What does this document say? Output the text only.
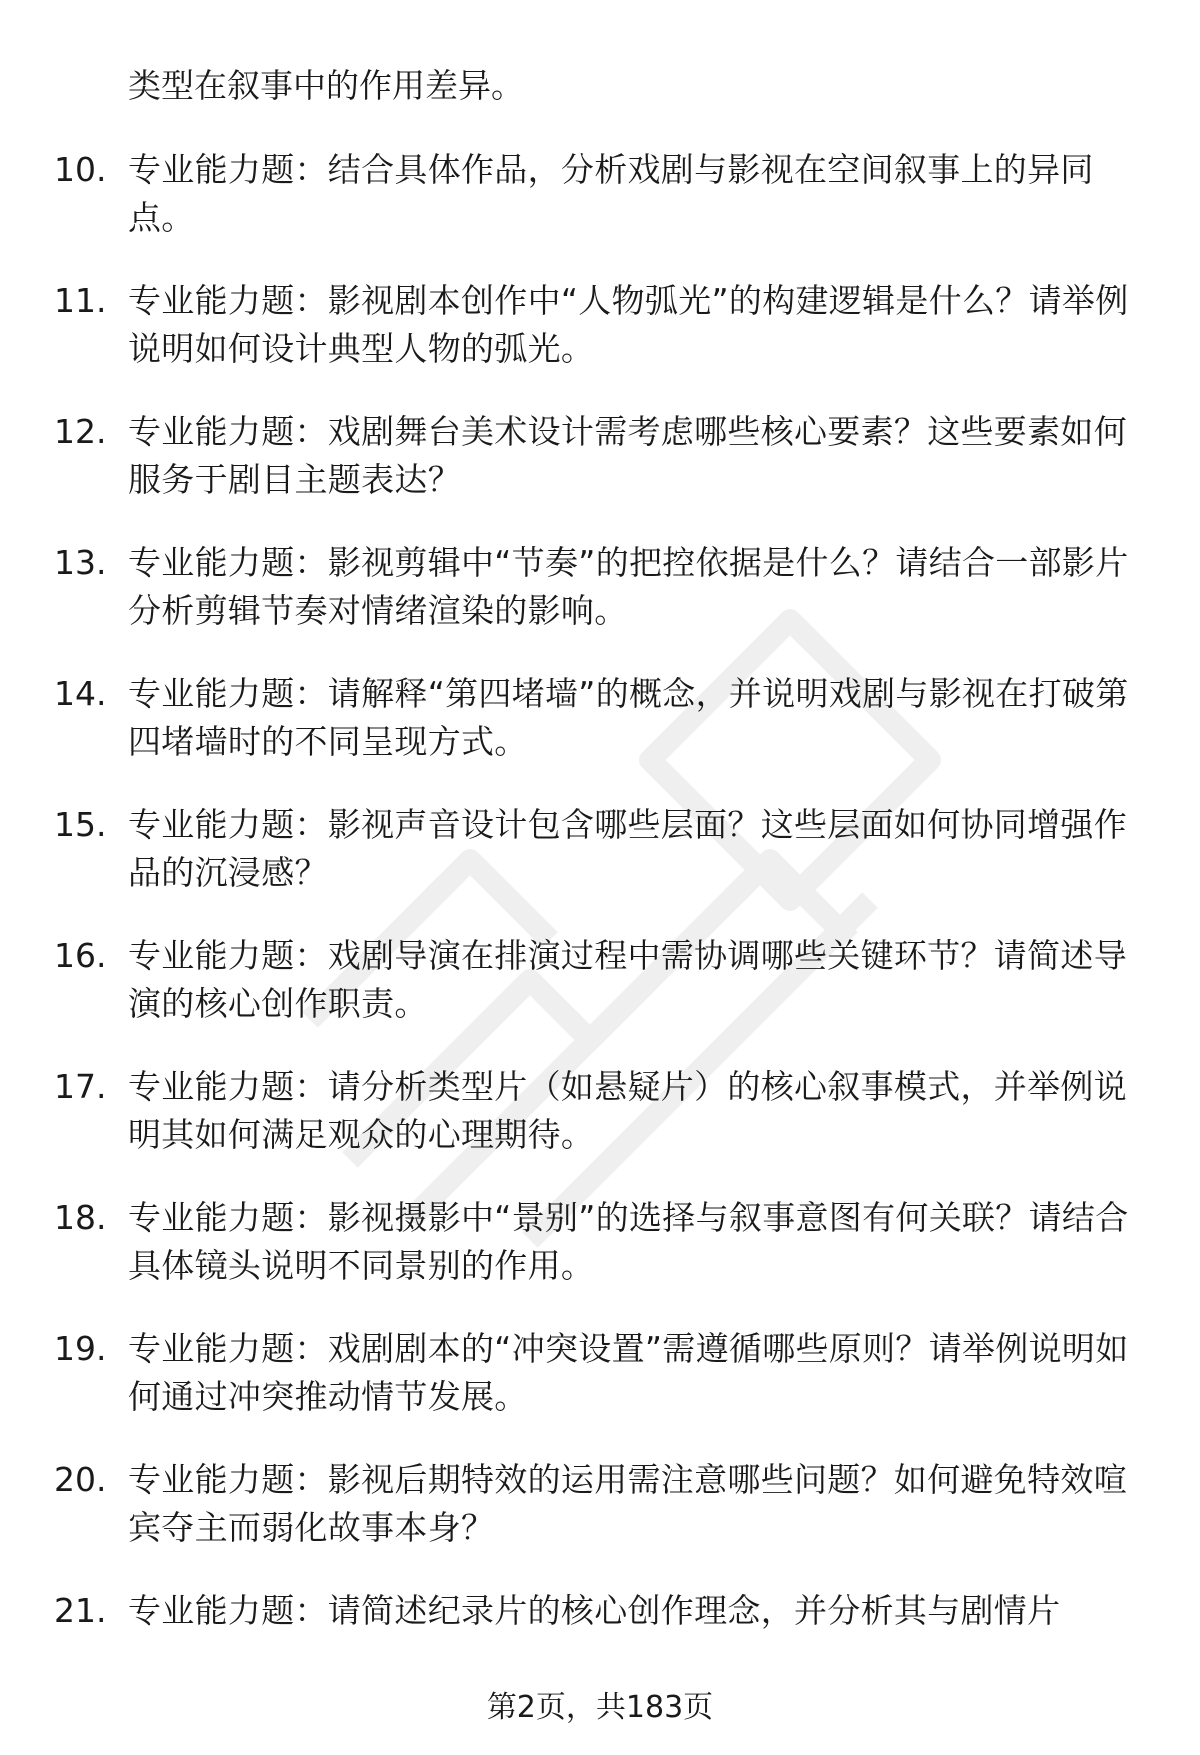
类型在叙事中的作用差异。
10. 专业能力题：结合具体作品，分析戏剧与影视在空间叙事上的异同点。
11. 专业能力题：影视剧本创作中“人物弧光”的构建逻辑是什么？请举例说明如何设计典型人物的弧光。
12. 专业能力题：戏剧舞台美术设计需考虑哪些核心要素？这些要素如何服务于剧目主题表达？
13. 专业能力题：影视剪辑中“节奏”的把控依据是什么？请结合一部影片分析剪辑节奏对情绪渲染的影响。
14. 专业能力题：请解释“第四堵墙”的概念，并说明戏剧与影视在打破第四堵墙时的不同呈现方式。
15. 专业能力题：影视声音设计包含哪些层面？这些层面如何协同增强作品的沉浸感？
16. 专业能力题：戏剧导演在排演过程中需协调哪些关键环节？请简述导演的核心创作职责。
17. 专业能力题：请分析类型片（如悬疑片）的核心叙事模式，并举例说明其如何满足观众的心理期待。
18. 专业能力题：影视摄影中“景别”的选择与叙事意图有何关联？请结合具体镜头说明不同景别的作用。
19. 专业能力题：戏剧剧本的“冲突设置”需遵循哪些原则？请举例说明如何通过冲突推动情节发展。
20. 专业能力题：影视后期特效的运用需注意哪些问题？如何避免特效喧宾夺主而弱化故事本身？
21. 专业能力题：请简述纪录片的核心创作理念，并分析其与剧情片
第2页，共183页
